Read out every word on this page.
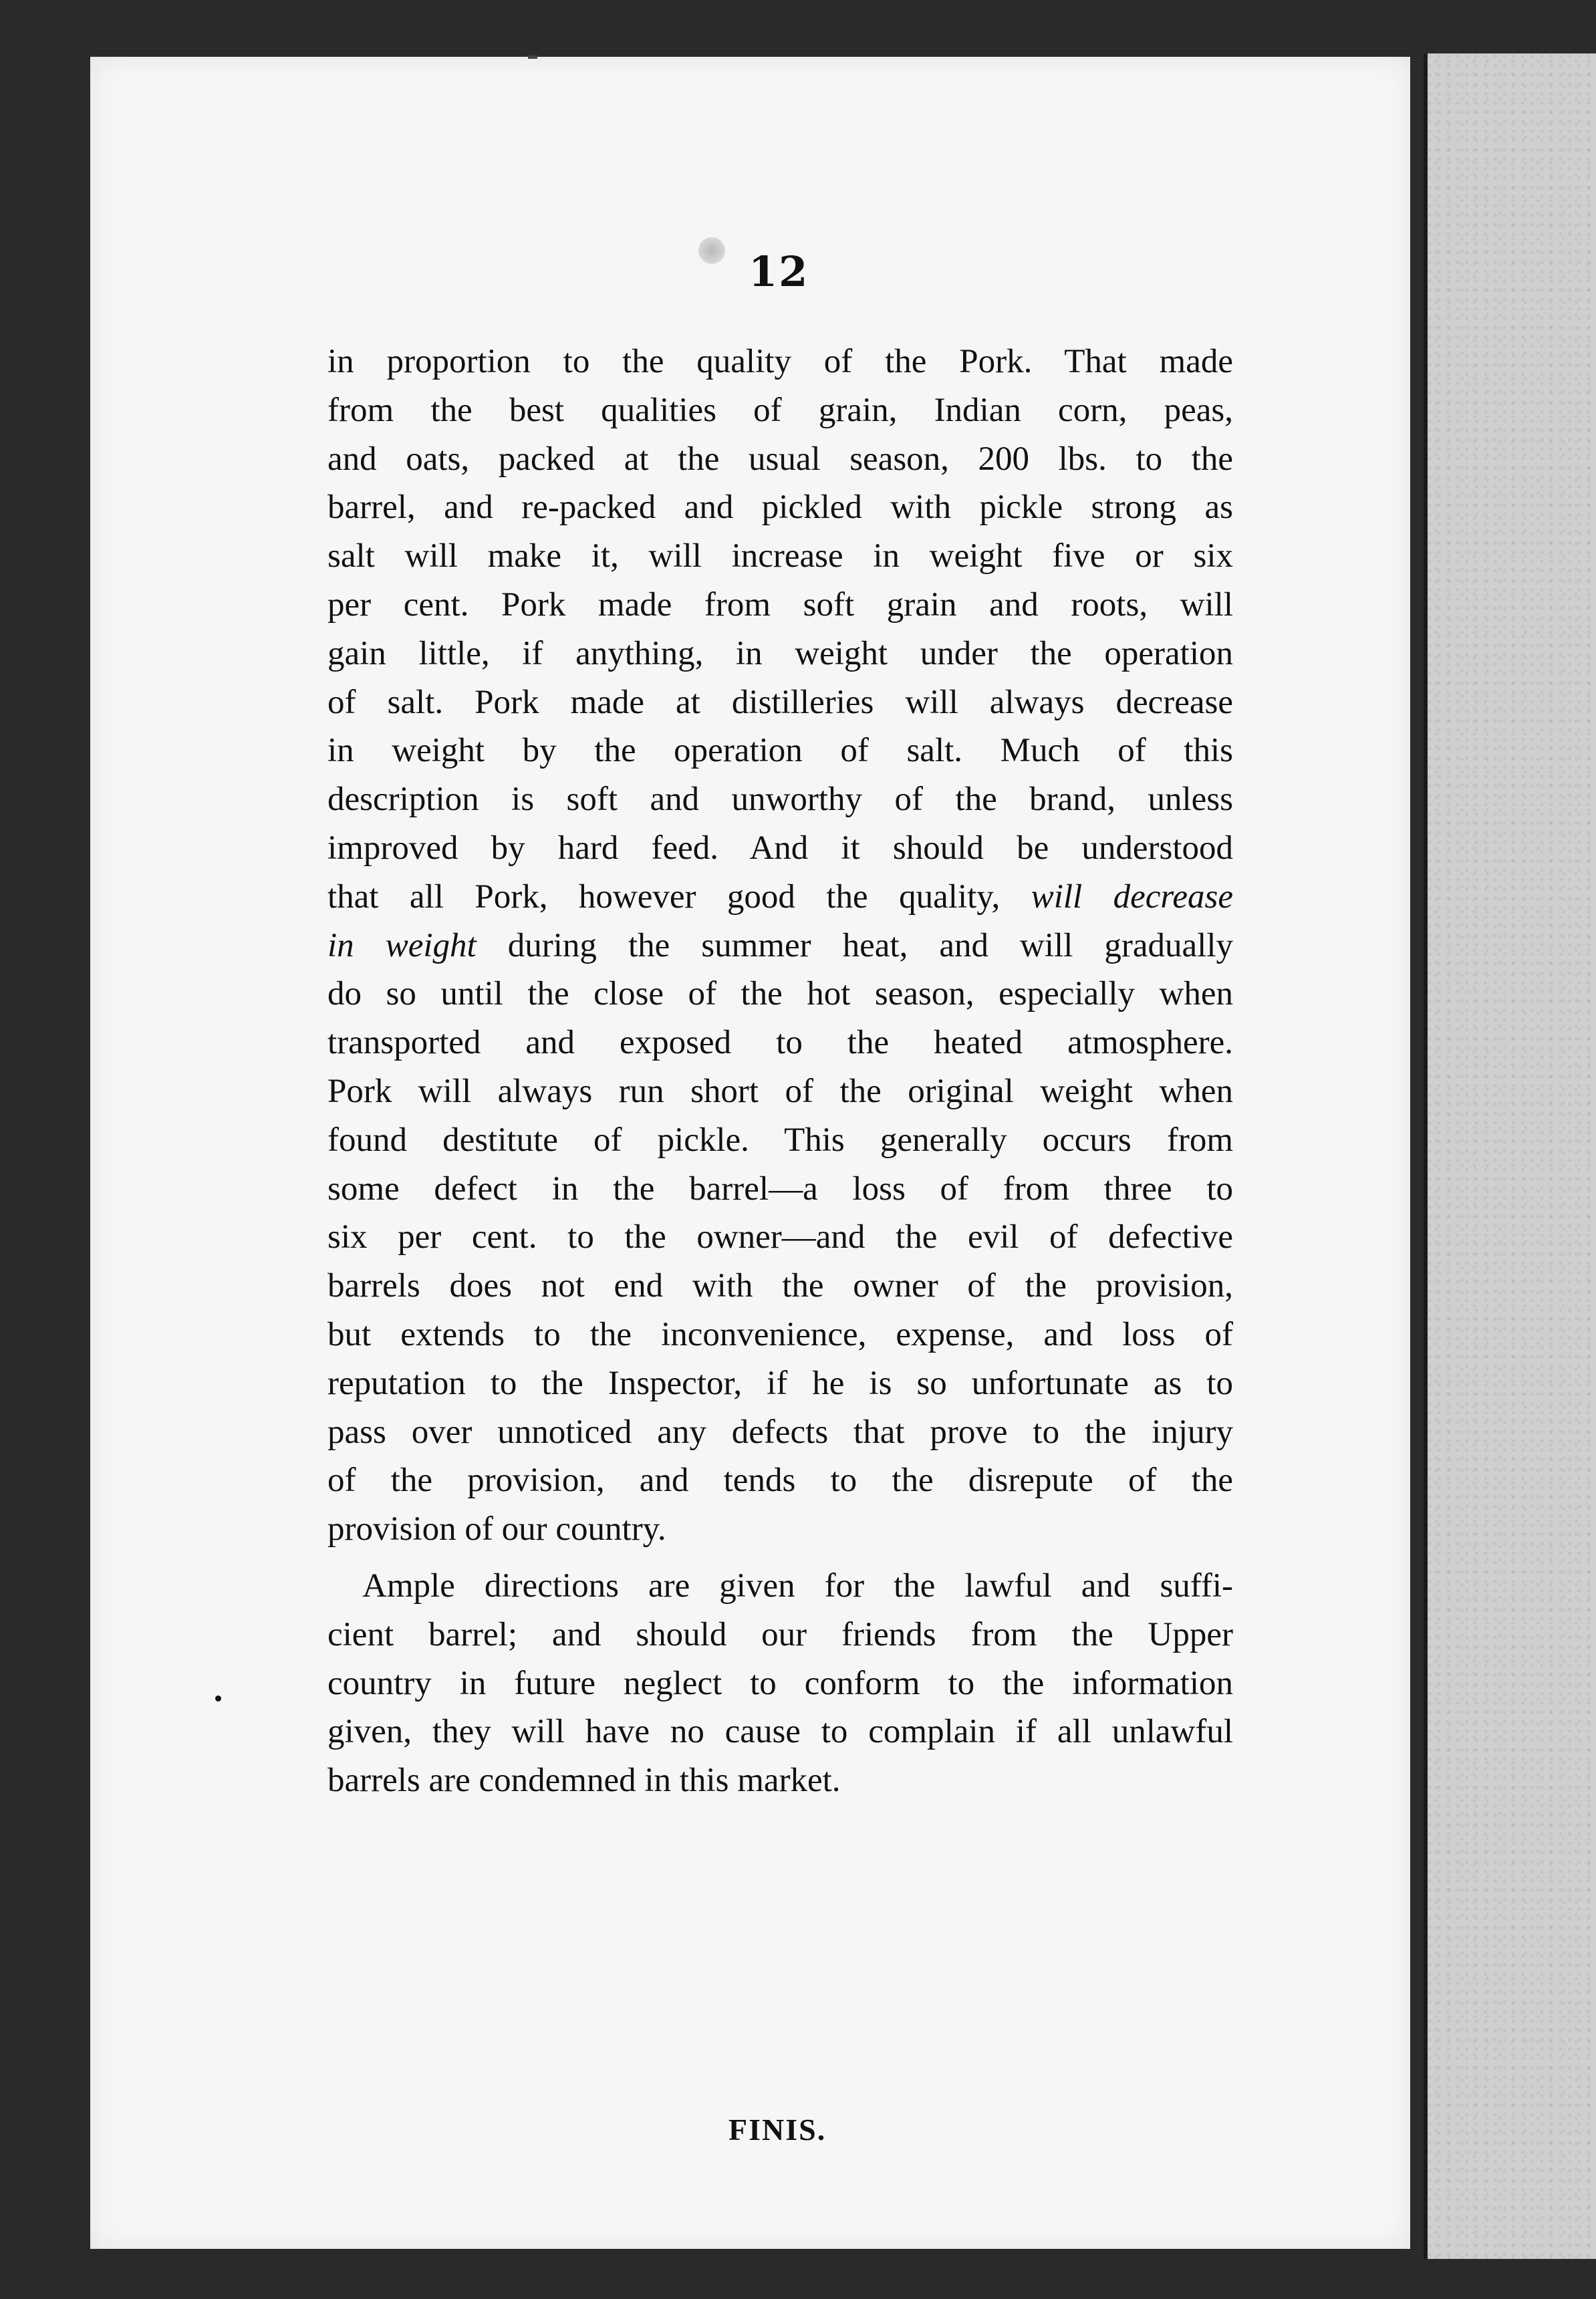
12
in proportion to the quality of the Pork. That made
from the best qualities of grain, Indian corn, peas,
and oats, packed at the usual season, 200 lbs. to the
barrel, and re-packed and pickled with pickle strong as
salt will make it, will increase in weight five or six
per cent. Pork made from soft grain and roots, will
gain little, if anything, in weight under the operation
of salt. Pork made at distilleries will always decrease
in weight by the operation of salt. Much of this
description is soft and unworthy of the brand, unless
improved by hard feed. And it should be understood
that all Pork, however good the quality, will decrease
in weight during the summer heat, and will gradually
do so until the close of the hot season, especially when
transported and exposed to the heated atmosphere.
Pork will always run short of the original weight when
found destitute of pickle. This generally occurs from
some defect in the barrel—a loss of from three to
six per cent. to the owner—and the evil of defective
barrels does not end with the owner of the provision,
but extends to the inconvenience, expense, and loss of
reputation to the Inspector, if he is so unfortunate as to
pass over unnoticed any defects that prove to the injury
of the provision, and tends to the disrepute of the
provision of our country.
Ample directions are given for the lawful and suffi-
cient barrel; and should our friends from the Upper
country in future neglect to conform to the information
given, they will have no cause to complain if all unlawful
barrels are condemned in this market.
FINIS.
